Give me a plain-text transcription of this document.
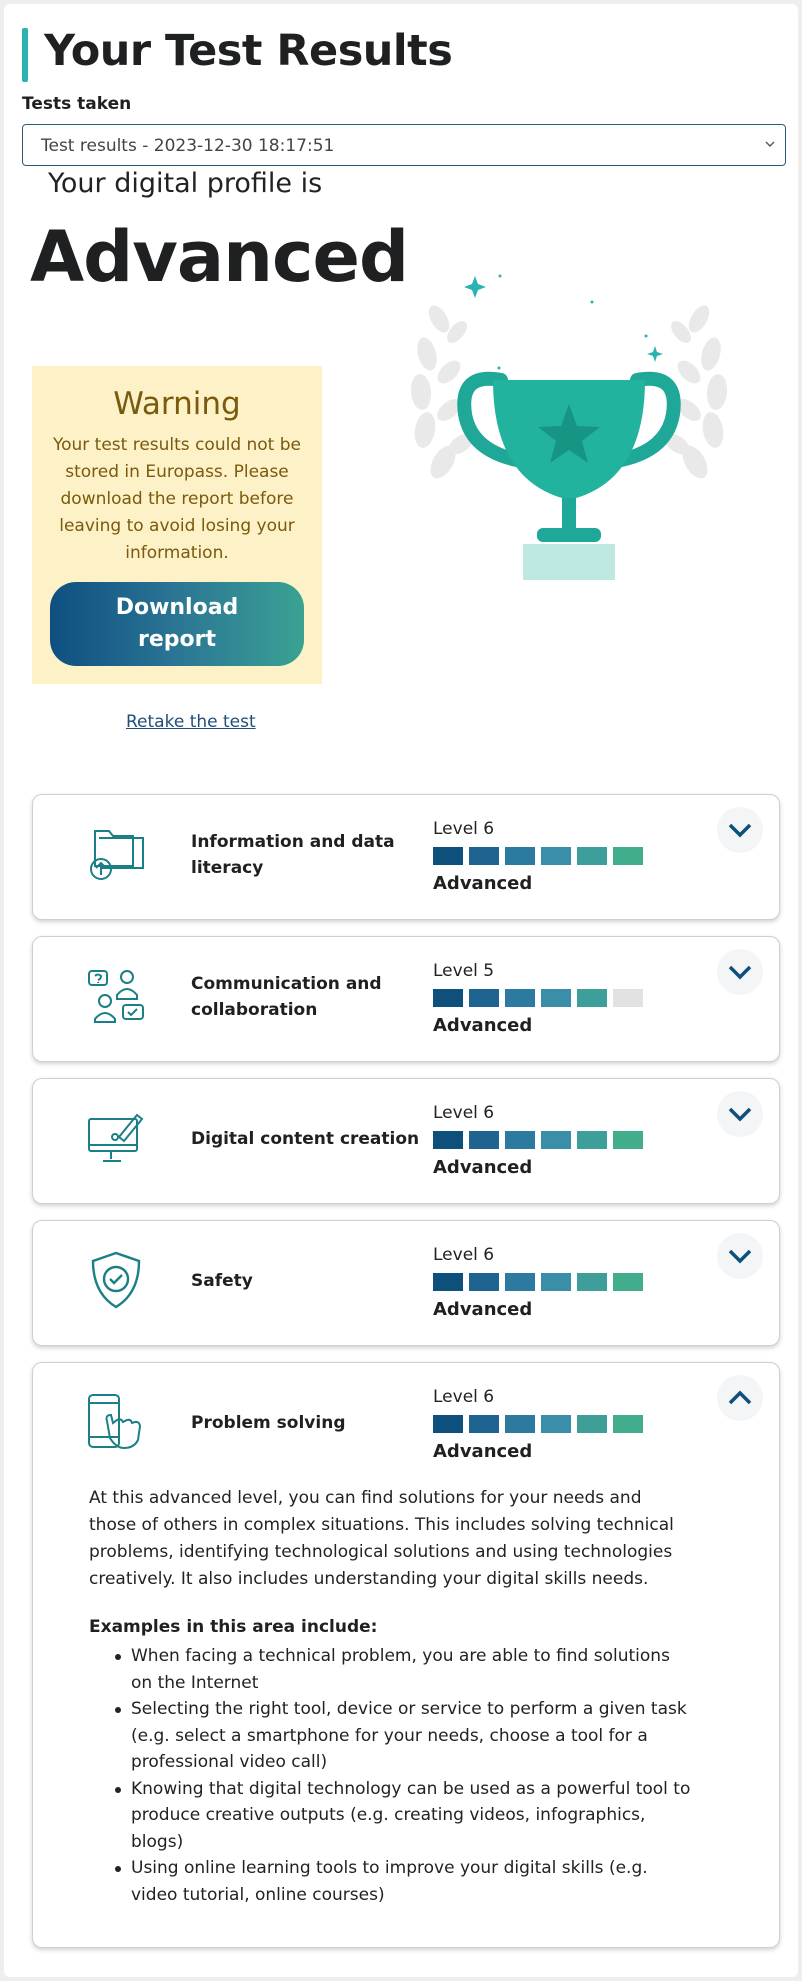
Your Test Results
Tests taken
Test results - 2023-12-30 18:17:51
Your digital profile is
Advanced
Warning
Your test results could not be stored in Europass. Please download the report before leaving to avoid losing your information.
Download report
Retake the test
Information and data literacy
Level 6
Advanced
Communication and collaboration
Level 5
Advanced
Digital content creation
Level 6
Advanced
Safety
Level 6
Advanced
Problem solving
Level 6
Advanced

At this advanced level, you can find solutions for your needs and those of others in complex situations. This includes solving technical problems, identifying technological solutions and using technologies creatively. It also includes understanding your digital skills needs.

Examples in this area include:
When facing a technical problem, you are able to find solutions on the Internet
Selecting the right tool, device or service to perform a given task (e.g. select a smartphone for your needs, choose a tool for a professional video call)
Knowing that digital technology can be used as a powerful tool to produce creative outputs (e.g. creating videos, infographics, blogs)
Using online learning tools to improve your digital skills (e.g. video tutorial, online courses)
